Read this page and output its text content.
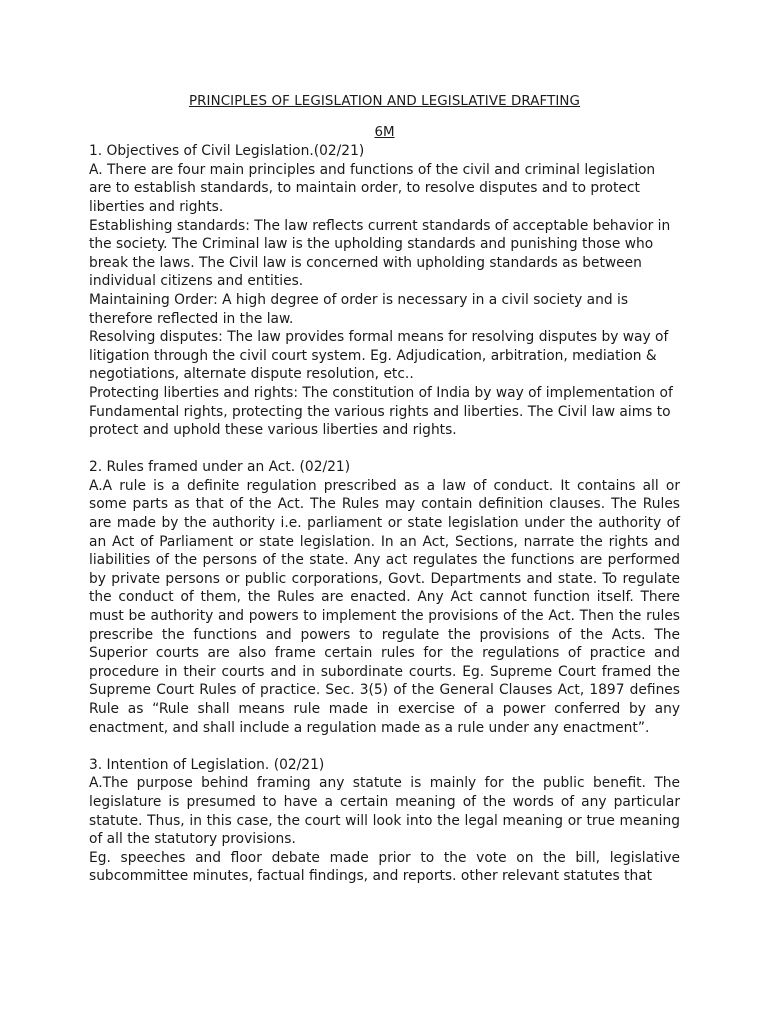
PRINCIPLES OF LEGISLATION AND LEGISLATIVE DRAFTING

6M

1. Objectives of Civil Legislation.(02/21)

A. There are four main principles and functions of the civil and criminal legislation are to establish standards, to maintain order, to resolve disputes and to protect liberties and rights.

Establishing standards: The law reflects current standards of acceptable behavior in the society. The Criminal law is the upholding standards and punishing those who break the laws. The Civil law is concerned with upholding standards as between individual citizens and entities.

Maintaining Order: A high degree of order is necessary in a civil society and is therefore reflected in the law.

Resolving disputes: The law provides formal means for resolving disputes by way of litigation through the civil court system. Eg. Adjudication, arbitration, mediation & negotiations, alternate dispute resolution, etc..

Protecting liberties and rights: The constitution of India by way of implementation of Fundamental rights, protecting the various rights and liberties. The Civil law aims to protect and uphold these various liberties and rights.

2. Rules framed under an Act. (02/21)

A.A rule is a definite regulation prescribed as a law of conduct. It contains all or some parts as that of the Act. The Rules may contain definition clauses. The Rules are made by the authority i.e. parliament or state legislation under the authority of an Act of Parliament or state legislation. In an Act, Sections, narrate the rights and liabilities of the persons of the state. Any act regulates the functions are performed by private persons or public corporations, Govt. Departments and state. To regulate the conduct of them, the Rules are enacted. Any Act cannot function itself. There must be authority and powers to implement the provisions of the Act. Then the rules prescribe the functions and powers to regulate the provisions of the Acts. The Superior courts are also frame certain rules for the regulations of practice and procedure in their courts and in subordinate courts. Eg. Supreme Court framed the Supreme Court Rules of practice. Sec. 3(5) of the General Clauses Act, 1897 defines Rule as “Rule shall means rule made in exercise of a power conferred by any enactment, and shall include a regulation made as a rule under any enactment”.

3. Intention of Legislation. (02/21)

A.The purpose behind framing any statute is mainly for the public benefit. The legislature is presumed to have a certain meaning of the words of any particular statute. Thus, in this case, the court will look into the legal meaning or true meaning of all the statutory provisions.

Eg. speeches and floor debate made prior to the vote on the bill, legislative subcommittee minutes, factual findings, and reports. other relevant statutes that
